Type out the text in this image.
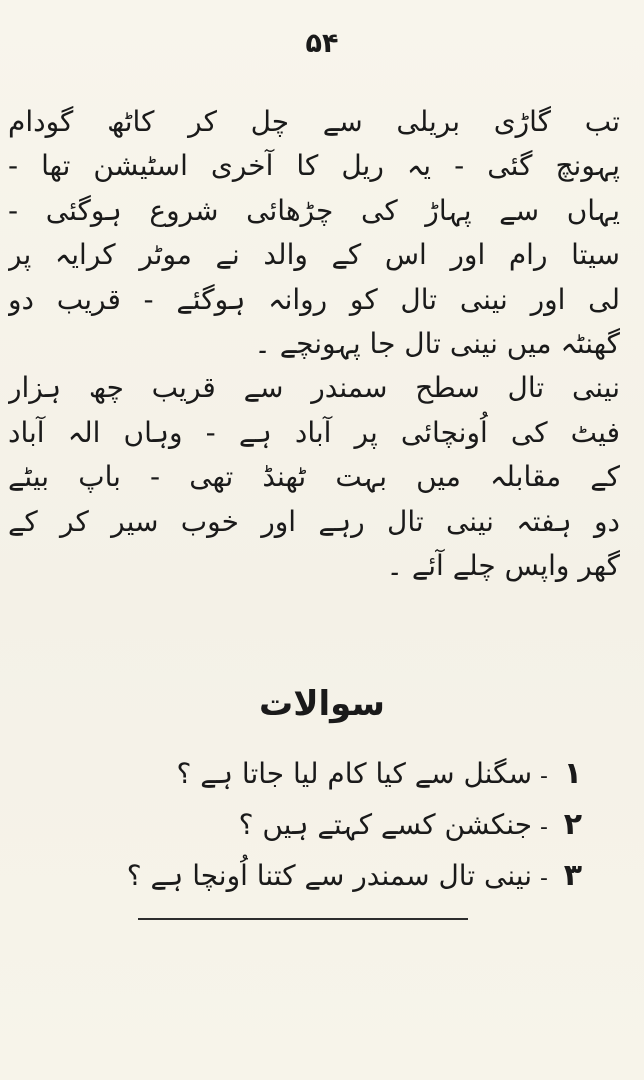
۵۴
تب گاڑی بریلی سے چل کر کاٹھ گودام
پہونچ گئی - یہ ریل کا آخری اسٹیشن تھا -
یہاں سے پہاڑ کی چڑھائی شروع ہوگئی -
سیتا رام اور اس کے والد نے موٹر کرایہ پر
لی اور نینی تال کو روانہ ہوگئے - قریب دو
گھنٹہ میں نینی تال جا پہونچے ۔
نینی تال سطح سمندر سے قریب چھ ہزار
فیٹ کی اُونچائی پر آباد ہے - وہاں الہ آباد
کے مقابلہ میں بہت ٹھنڈ تھی - باپ بیٹے
دو ہفتہ نینی تال رہے اور خوب سیر کر کے
گھر واپس چلے آئے ۔
سوالات
۱
-
سگنل سے کیا کام لیا جاتا ہے ؟
۲
-
جنکشن کسے کہتے ہیں ؟
۳
-
نینی تال سمندر سے کتنا اُونچا ہے ؟
